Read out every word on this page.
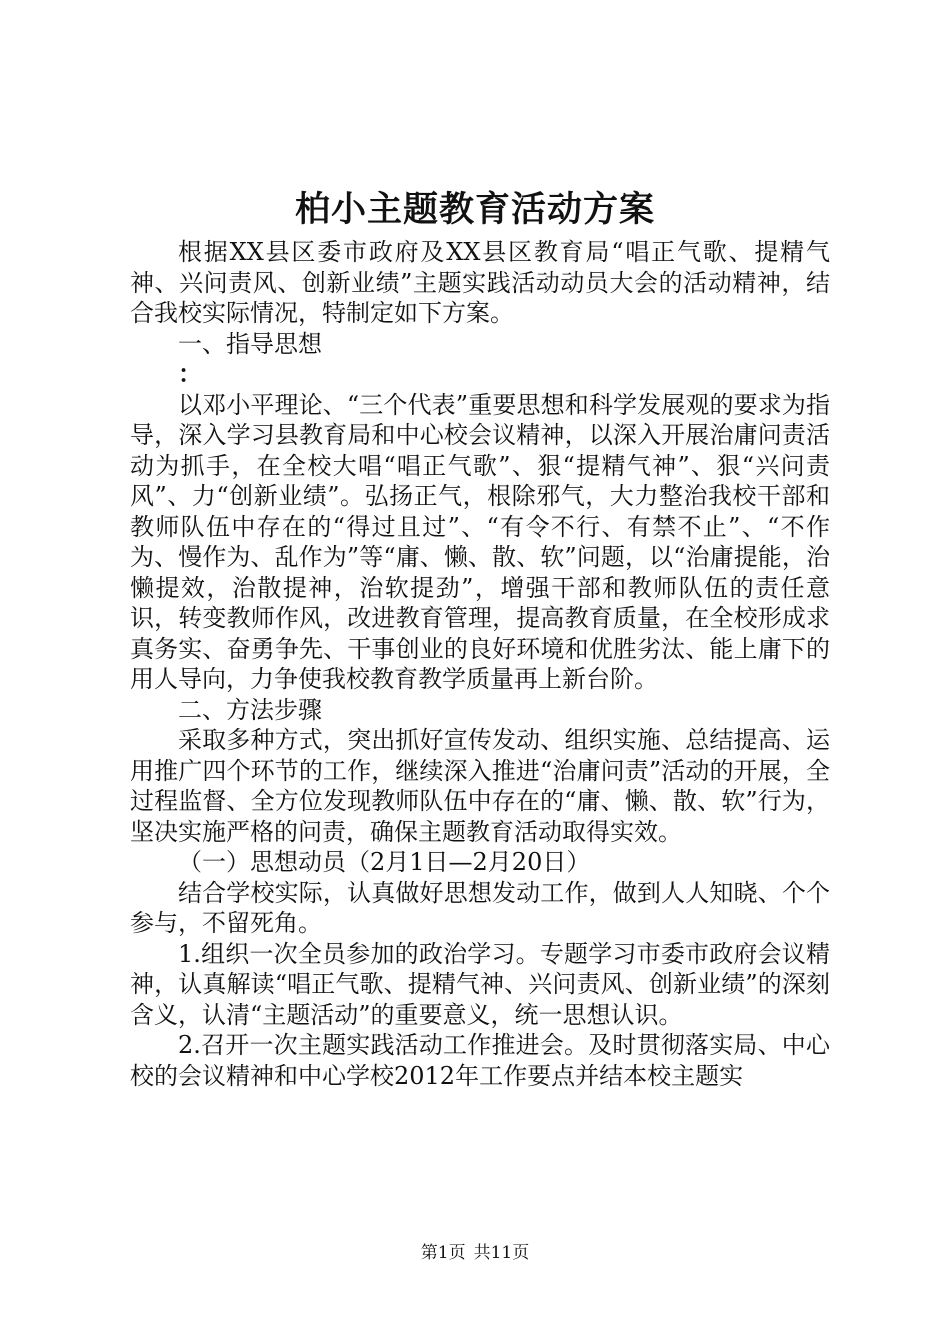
柏小主题教育活动方案

根据XX县区委市政府及XX县区教育局“唱正气歌、提精气神、兴问责风、创新业绩”主题实践活动动员大会的活动精神，结合我校实际情况，特制定如下方案。

一、指导思想

：

以邓小平理论、“三个代表”重要思想和科学发展观的要求为指导，深入学习县教育局和中心校会议精神，以深入开展治庸问责活动为抓手，在全校大唱“唱正气歌”、狠“提精气神”、狠“兴问责风”、力“创新业绩”。弘扬正气，根除邪气，大力整治我校干部和教师队伍中存在的“得过且过”、“有令不行、有禁不止”、“不作为、慢作为、乱作为”等“庸、懒、散、软”问题，以“治庸提能，治懒提效，治散提神，治软提劲”，增强干部和教师队伍的责任意识，转变教师作风，改进教育管理，提高教育质量，在全校形成求真务实、奋勇争先、干事创业的良好环境和优胜劣汰、能上庸下的用人导向，力争使我校教育教学质量再上新台阶。

二、方法步骤

采取多种方式，突出抓好宣传发动、组织实施、总结提高、运用推广四个环节的工作，继续深入推进“治庸问责”活动的开展，全过程监督、全方位发现教师队伍中存在的“庸、懒、散、软”行为，坚决实施严格的问责，确保主题教育活动取得实效。

（一）思想动员（2月1日—2月20日）

结合学校实际，认真做好思想发动工作，做到人人知晓、个个参与，不留死角。

1.组织一次全员参加的政治学习。专题学习市委市政府会议精神，认真解读“唱正气歌、提精气神、兴问责风、创新业绩”的深刻含义，认清“主题活动”的重要意义，统一思想认识。

2.召开一次主题实践活动工作推进会。及时贯彻落实局、中心校的会议精神和中心学校2012年工作要点并结本校主题实

第1页 共11页
